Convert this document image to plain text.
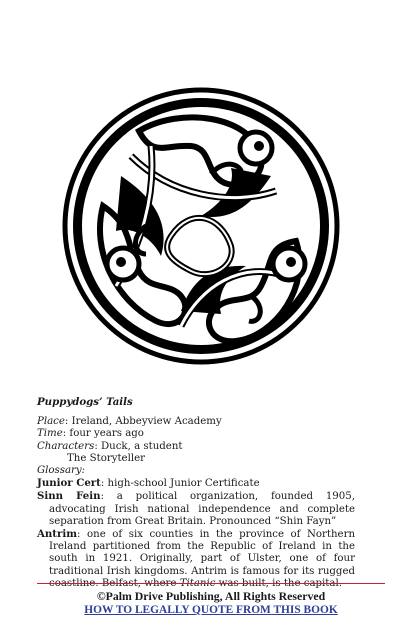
Puppydogs’ Tails

Place: Ireland, Abbeyview Academy

Time: four years ago

Characters: Duck, a student

The Storyteller

Glossary:

Junior Cert: high-school Junior Certificate

Sinn Fein: a political organization, founded 1905, advocating Irish national independence and complete separation from Great Britain. Pronounced “Shin Fayn”

Antrim: one of six counties in the province of Northern Ireland partitioned from the Republic of Ireland in the south in 1921. Originally, part of Ulster, one of four traditional Irish kingdoms. Antrim is famous for its rugged coastline. Belfast, where Titanic was built, is the capital.

©Palm Drive Publishing, All Rights Reserved
HOW TO LEGALLY QUOTE FROM THIS BOOK
